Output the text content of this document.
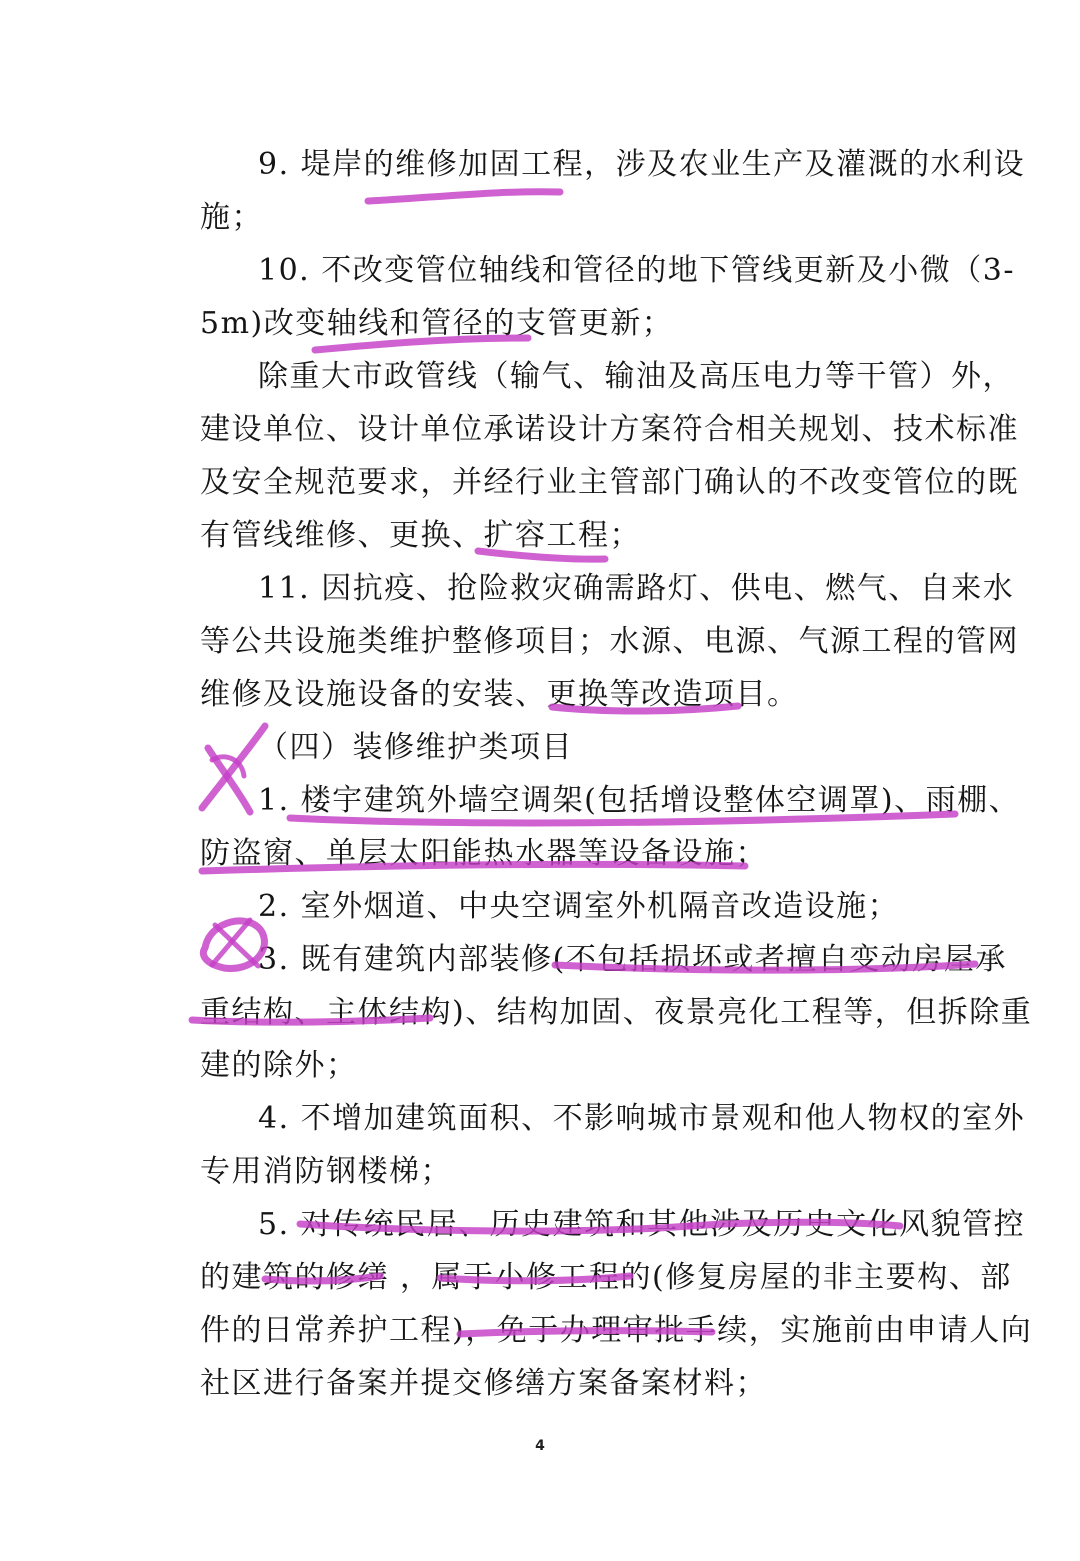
9. 堤岸的维修加固工程，涉及农业生产及灌溉的水利设
施；
10. 不改变管位轴线和管径的地下管线更新及小微（3-
5m)改变轴线和管径的支管更新；
除重大市政管线（输气、输油及高压电力等干管）外，
建设单位、设计单位承诺设计方案符合相关规划、技术标准
及安全规范要求，并经行业主管部门确认的不改变管位的既
有管线维修、更换、扩容工程；
11. 因抗疫、抢险救灾确需路灯、供电、燃气、自来水
等公共设施类维护整修项目；水源、电源、气源工程的管网
维修及设施设备的安装、更换等改造项目。
（四）装修维护类项目
1. 楼宇建筑外墙空调架(包括增设整体空调罩)、雨棚、
防盗窗、单层太阳能热水器等设备设施；
2. 室外烟道、中央空调室外机隔音改造设施；
3. 既有建筑内部装修(不包括损坏或者擅自变动房屋承
重结构、主体结构)、结构加固、夜景亮化工程等，但拆除重
建的除外；
4. 不增加建筑面积、不影响城市景观和他人物权的室外
专用消防钢楼梯；
5. 对传统民居、历史建筑和其他涉及历史文化风貌管控
的建筑的修缮 ，属于小修工程的(修复房屋的非主要构、部
件的日常养护工程)，免于办理审批手续，实施前由申请人向
社区进行备案并提交修缮方案备案材料；
4
